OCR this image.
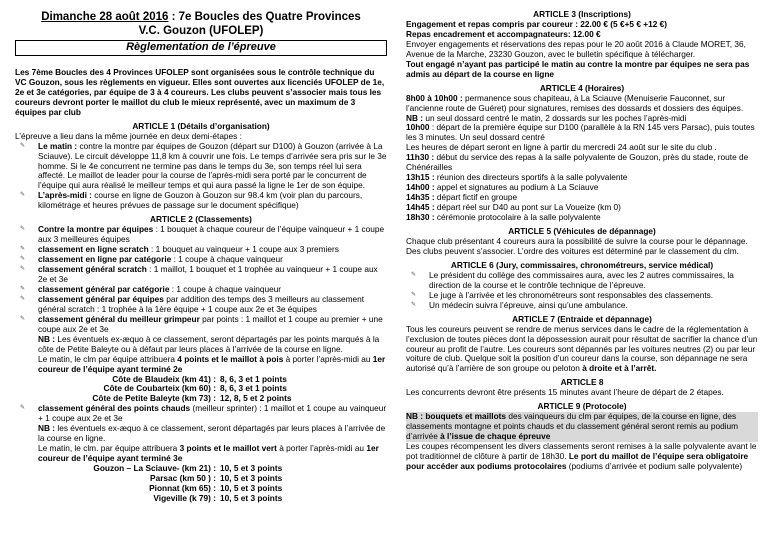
Dimanche 28 août 2016 : 7e Boucles des Quatre Provinces
V.C. Gouzon (UFOLEP)
Règlementation de l’épreuve

Les 7ème Boucles des 4 Provinces UFOLEP sont organisées sous le contrôle technique du VC Gouzon, sous les règlements en vigueur. Elles sont ouvertes aux licenciés UFOLEP de 1e, 2e et 3e catégories, par équipe de 3 à 4 coureurs. Les clubs peuvent s’associer mais tous les coureurs devront porter le maillot du club le mieux représenté, avec un maximum de 3 équipes par club

ARTICLE 1 (Détails d’organisation)

L’épreuve a lieu dans la même journée en deux demi-étapes :

✎ Le matin : contre la montre par équipes de Gouzon (départ sur D100) à Gouzon (arrivée à La Sciauve). Le circuit développe 11,8 km à couvrir une fois. Le temps d’arrivée sera pris sur le 3e homme. Si le 4e concurrent ne termine pas dans le temps du 3e, son temps réel lui sera affecté. Le maillot de leader pour la course de l’après-midi sera porté par le concurrent de l’équipe qui aura réalisé le meilleur temps et qui aura passé la ligne le 1er de son équipe.
✎ L’après-midi : course en ligne de Gouzon à Gouzon sur 98.4 km (voir plan du parcours, kilométrage et heures prévues de passage sur le document spécifique)
ARTICLE 2 (Classements)
✎ Contre la montre par équipes : 1 bouquet à chaque coureur de l’équipe vainqueur + 1 coupe aux 3 meilleures équipes
✎ classement en ligne scratch : 1 bouquet au vainqueur + 1 coupe aux 3 premiers
✎ classement en ligne par catégorie : 1 coupe à chaque vainqueur
✎ classement général scratch : 1 maillot, 1 bouquet et 1 trophée au vainqueur + 1 coupe aux 2e et 3e
✎ classement général par catégorie : 1 coupe à chaque vainqueur
✎ classement général par équipes par addition des temps des 3 meilleurs au classement général scratch : 1 trophée à la 1ère équipe + 1 coupe aux 2e et 3e équipes
✎ classement général du meilleur grimpeur par points : 1 maillot et 1 coupe au premier + une coupe aux 2e et 3e
NB : Les éventuels ex-æquo à ce classement, seront départagés par les points marqués à la côte de Petite Baleyte ou à défaut par leurs places à l’arrivée de la course en ligne.
Le matin, le clm par équipe attribuera 4 points et le maillot à pois à porter l’après-midi au 1er coureur de l’équipe ayant terminé 2e
Côte de Blaudeix (km 41) : 8, 6, 3 et 1 points
Côte de Coubarteix (km 60) : 8, 6, 3 et 1 points
Côte de Petite Baleyte (km 73) : 12, 8, 5 et 2 points
✎ classement général des points chauds (meilleur sprinter) : 1 maillot et 1 coupe au vainqueur + 1 coupe aux 2e et 3e
NB : les éventuels ex-æquo à ce classement, seront départagés par leurs places à l’arrivée de la course en ligne.
Le matin, le clm. par équipe attribuera 3 points et le maillot vert à porter l’après-midi au 1er coureur de l’équipe ayant terminé 3e
Gouzon – La Sciauve- (km 21) : 10, 5 et 3 points
Parsac (km 50 ) : 10, 5 et 3 points
Pionnat (km 65) : 10, 5 et 3 points
Vigeville (k 79) : 10, 5 et 3 points
ARTICLE 3 (Inscriptions)

Engagement et repas compris par coureur : 22.00 € (5 €+5 € +12 €)

Repas encadrement et accompagnateurs: 12.00 €

Envoyer engagements et réservations des repas pour le 20 août 2016 à Claude MORET, 36, Avenue de la Marche, 23230 Gouzon, avec le bulletin spécifique à télécharger.

Tout engagé n’ayant pas participé le matin au contre la montre par équipes ne sera pas admis au départ de la course en ligne

ARTICLE 4 (Horaires)

8h00 à 10h00 : permanence sous chapiteau, à La Sciauve (Menuiserie Fauconnet, sur l’ancienne route de Guéret) pour signatures, remises des dossards et dossiers des équipes.

NB : un seul dossard centré le matin, 2 dossards sur les poches l’après-midi

10h00 : départ de la première équipe sur D100 (parallèle à la RN 145 vers Parsac), puis toutes les 3 minutes. Un seul dossard centré

Les heures de départ seront en ligne à partir du mercredi 24 août sur le site du club .

11h30 : début du service des repas à la salle polyvalente de Gouzon, près du stade, route de Chénérailles

13h15 : réunion des directeurs sportifs à la salle polyvalente

14h00 : appel et signatures au podium à La Sciauve

14h35 : départ fictif en groupe

14h45 : départ réel sur D40 au pont sur La Voueize (km 0)

18h30 : cérémonie protocolaire à la salle polyvalente

ARTICLE 5 (Véhicules de dépannage)

Chaque club présentant 4 coureurs aura la possibilité de suivre la course pour le dépannage. Des clubs peuvent s’associer. L’ordre des voitures est déterminé par le classement du clm.

ARTICLE 6 (Jury, commissaires, chronométreurs, service médical)
✎ Le président du collège des commissaires aura, avec les 2 autres commissaires, la direction de la course et le contrôle technique de l’épreuve.
✎ Le juge à l’arrivée et les chronométreurs sont responsables des classements.
✎ Un médecin suivra l’épreuve, ainsi qu’une ambulance.
ARTICLE 7 (Entraide et dépannage)

Tous les coureurs peuvent se rendre de menus services dans le cadre de la réglementation à l’exclusion de toutes pièces dont la dépossession aurait pour résultat de sacrifier la chance d’un coureur au profit de l’autre. Les coureurs sont dépannés par les voitures neutres (2) ou par leur voiture de club. Quelque soit la position d’un coureur dans la course, son dépannage ne sera autorisé qu’à l’arrière de son groupe ou peloton à droite et à l’arrêt.

ARTICLE 8

Les concurrents devront être présents 15 minutes avant l’heure de départ de 2 étapes.

ARTICLE 9 (Protocole)

NB : bouquets et maillots des vainqueurs du clm par équipes, de la course en ligne, des classements montagne et points chauds et du classement général seront remis au podium d’arrivée à l’issue de chaque épreuve

Les coupes récompensent les divers classements seront remises à la salle polyvalente avant le pot traditionnel de clôture à partir de 18h30. Le port du maillot de l’équipe sera obligatoire pour accéder aux podiums protocolaires (podiums d’arrivée et podium salle polyvalente)
